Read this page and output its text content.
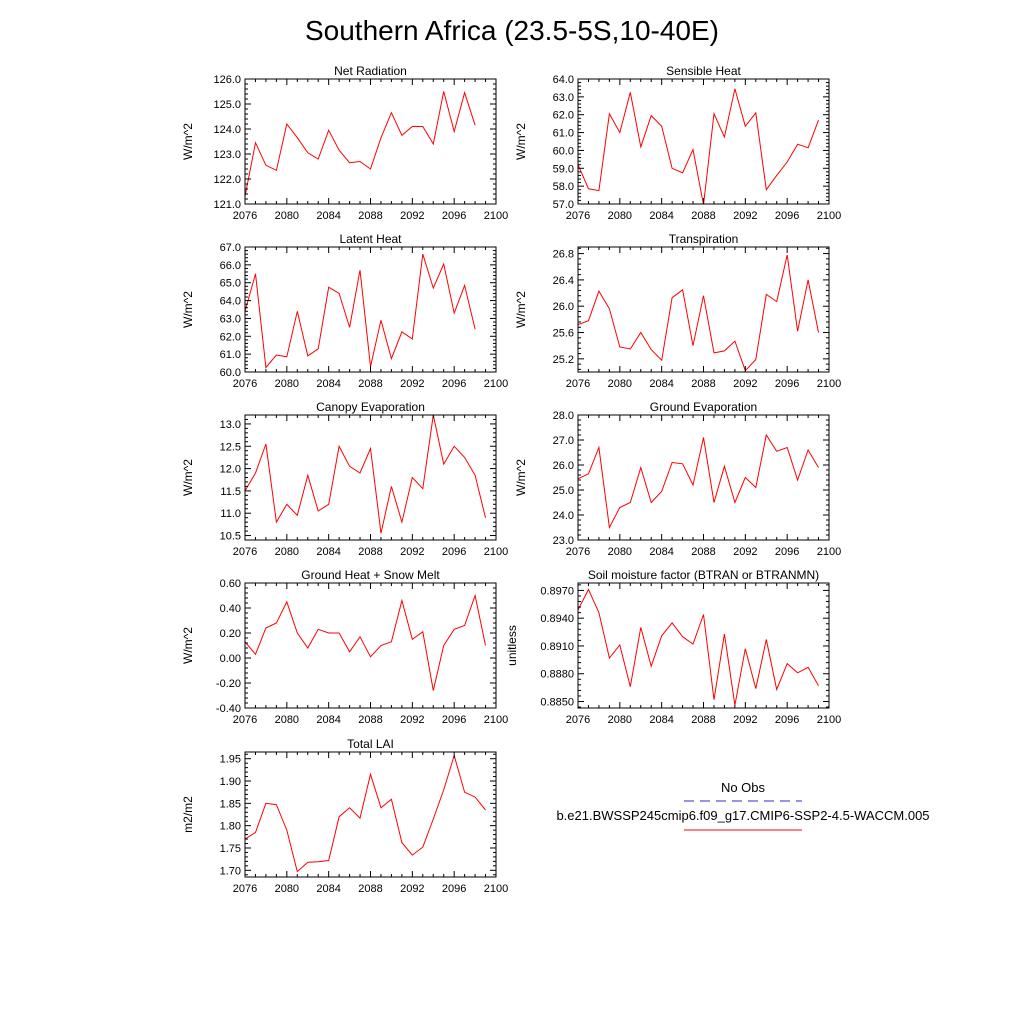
Southern Africa (23.5-5S,10-40E)
2076 2080 2084 2088 2092 2096 2100
121.0
122.0
123.0
124.0
125.0
126.0
Net Radiation
W/m^2
2076 2080 2084 2088 2092 2096 2100
57.0
58.0
59.0
60.0
61.0
62.0
63.0
64.0
Sensible Heat
W/m^2
2076 2080 2084 2088 2092 2096 2100
60.0
61.0
62.0
63.0
64.0
65.0
66.0
67.0
Latent Heat
W/m^2
2076 2080 2084 2088 2092 2096 2100
25.2
25.6
26.0
26.4
26.8
Transpiration
W/m^2
2076 2080 2084 2088 2092 2096 2100
10.5
11.0
11.5
12.0
12.5
13.0
Canopy Evaporation
W/m^2
2076 2080 2084 2088 2092 2096 2100
23.0
24.0
25.0
26.0
27.0
28.0
Ground Evaporation
W/m^2
2076 2080 2084 2088 2092 2096 2100
-0.40
-0.20
0.00
0.20
0.40
0.60
Ground Heat + Snow Melt
W/m^2
2076 2080 2084 2088 2092 2096 2100
0.8850
0.8880
0.8910
0.8940
0.8970
Soil moisture factor (BTRAN or BTRANMN)
unitless
2076 2080 2084 2088 2092 2096 2100
1.70
1.75
1.80
1.85
1.90
1.95
Total LAI
m2/m2
No Obs
b.e21.BWSSP245cmip6.f09_g17.CMIP6-SSP2-4.5-WACCM.005
